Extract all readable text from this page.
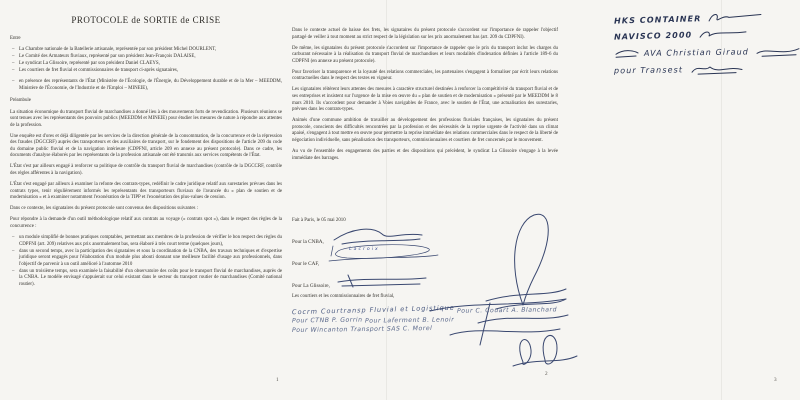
PROTOCOLE de SORTIE de CRISE

Entre

– La Chambre nationale de la Batellerie artisanale, représentée par son président Michel DOURLENT,
– Le Comité des Armateurs fluviaux, représenté par son président Jean-François DALAISE,
– Le syndicat La Glissoire, représenté par son président Daniel CLAEYS,
– Les courtiers de fret fluvial et commissionnaires de transport ci-après signataires,
– en présence des représentants de l'État (Ministère de l'Écologie, de l'Énergie, du Développement durable et de la Mer – MEEDDM, Ministère de l'Économie, de l'Industrie et de l'Emploi – MINEIE),

Préambule

La situation économique du transport fluvial de marchandises a donné lieu à des mouvements forts de revendication. Plusieurs réunions se sont tenues avec les représentants des pouvoirs publics (MEEDDM et MINEIE) pour étudier les mesures de nature à répondre aux attentes de la profession.

Une enquête est d'ores et déjà diligentée par les services de la direction générale de la consommation, de la concurrence et de la répression des fraudes (DGCCRF) auprès des transporteurs et des auxiliaires de transport, sur le fondement des dispositions de l'article 209 du code du domaine public fluvial et de la navigation intérieure (CDPFNI, article 209 en annexe au présent protocole). Dans ce cadre, les documents d'analyse élaborés par les représentants de la profession artisanale ont été transmis aux services compétents de l'État.

L'État s'est par ailleurs engagé à renforcer sa politique de contrôle du transport fluvial de marchandises (contrôle de la DGCCRF, contrôle des règles afférentes à la navigation).

L'État s'est engagé par ailleurs à examiner la refonte des contrats-types, redéfinir le cadre juridique relatif aux surestaries prévues dans les contrats types, tenir régulièrement informés les représentants des transporteurs fluviaux de l'avancée du « plan de soutien et de modernisation » et à examiner notamment l'exonération de la TIPP et l'exonération des plus-values de cession.

Dans ce contexte, les signataires du présent protocole sont convenus des dispositions suivantes :

Pour répondre à la demande d'un outil méthodologique relatif aux contrats au voyage (« contrats spot »), dans le respect des règles de la concurrence :

– un module simplifié de bonnes pratiques comptables, permettant aux membres de la profession de vérifier le bon respect des règles du CDPFNI (art. 209) relatives aux prix anormalement bas, sera élaboré à très court terme (quelques jours),
– dans un second temps, avec la participation des signataires et sous la coordination de la CNBA, des travaux techniques et d'expertise juridique seront engagés pour l'élaboration d'un module plus abouti donnant une meilleure facilité d'usage aux professionnels, dans l'objectif de parvenir à un outil amélioré à l'automne 2010
– dans un troisième temps, sera examinée la faisabilité d'un observatoire des coûts pour le transport fluvial de marchandises, auprès de la CNBA. Le modèle envisagé s'appuierait sur celui existant dans le secteur du transport routier de marchandises (Comité national routier).
1

Dans le contexte actuel de baisse des frets, les signataires du présent protocole s'accordent sur l'importance de rappeler l'objectif partagé de veiller à tout moment au strict respect de la législation sur les prix anormalement bas (art. 209 du CDPFNI).

De même, les signataires du présent protocole s'accordent sur l'importance de rappeler que le prix du transport inclut les charges du carburant nécessaire à la réalisation du transport fluvial de marchandises et leurs modalités d'indexation définies à l'article 189-6 du CDPFNI (en annexe au présent protocole).

Pour favoriser la transparence et la loyauté des relations commerciales, les partenaires s'engagent à formaliser par écrit leurs relations contractuelles dans le respect des textes en vigueur.

Les signataires réitèrent leurs attentes des mesures à caractère structurel destinées à renforcer la compétitivité du transport fluvial et de ses entreprises et insistent sur l'urgence de la mise en œuvre du « plan de soutien et de modernisation » présenté par le MEEDDM le 8 mars 2010. Ils s'accordent pour demander à Voies navigables de France, avec le soutien de l'État, une actualisation des surestaries, prévues dans les contrats-types.

Animés d'une commune ambition de travailler au développement des professions fluviales françaises, les signataires du présent protocole, conscients des difficultés rencontrées par la profession et des nécessités de la reprise urgente de l'activité dans un climat apaisé, s'engagent à tout mettre en œuvre pour permettre la reprise immédiate des relations commerciales dans le respect de la liberté de négociation individuelle, sans pénalisation des transporteurs, commissionnaires et courtiers de fret concernés par le mouvement.

Au vu de l'ensemble des engagements des parties et des dispositions qui précèdent, le syndicat La Glissoire s'engage à la levée immédiate des barrages.

Fait à Paris, le 05 mai 2010

Pour la CNBA,
Pour le CAF,
Lacroix
Pour La Glissoire,

Les courtiers et les commissionnaires de fret fluvial,

Cocrm Courtransp Fluvial et Logistique Pour C. Couart A. Blanchard Pour CTNB P. Gorrin Pour Laferment B. Lenoir Pour Wincanton Transport SAS C. Morel
2
HKS CONTAINER
NAVISCO 2000
AVA Christian Giraud
pour Transest
3
